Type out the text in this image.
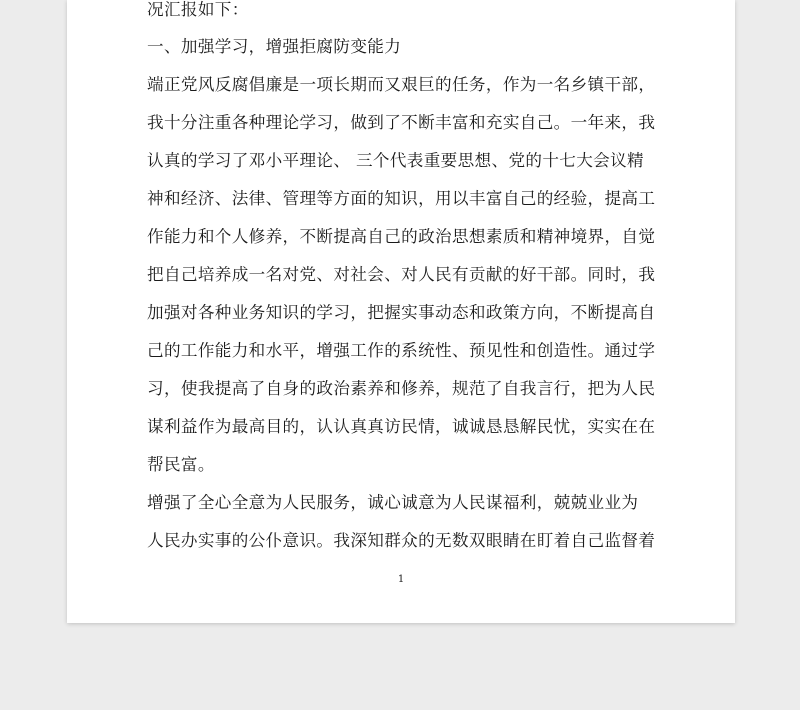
况汇报如下：
一、加强学习，增强拒腐防变能力
端正党风反腐倡廉是一项长期而又艰巨的任务，作为一名乡镇干部，
我十分注重各种理论学习，做到了不断丰富和充实自己。一年来，我
认真的学习了邓小平理论、 三个代表重要思想、党的十七大会议精
神和经济、法律、管理等方面的知识，用以丰富自己的经验，提高工
作能力和个人修养，不断提高自己的政治思想素质和精神境界，自觉
把自己培养成一名对党、对社会、对人民有贡献的好干部。同时，我
加强对各种业务知识的学习，把握实事动态和政策方向，不断提高自
己的工作能力和水平，增强工作的系统性、预见性和创造性。通过学
习，使我提高了自身的政治素养和修养，规范了自我言行，把为人民
谋利益作为最高目的，认认真真访民情，诚诚恳恳解民忧，实实在在
帮民富。
增强了全心全意为人民服务，诚心诚意为人民谋福利，兢兢业业为
人民办实事的公仆意识。我深知群众的无数双眼睛在盯着自己监督着
1
